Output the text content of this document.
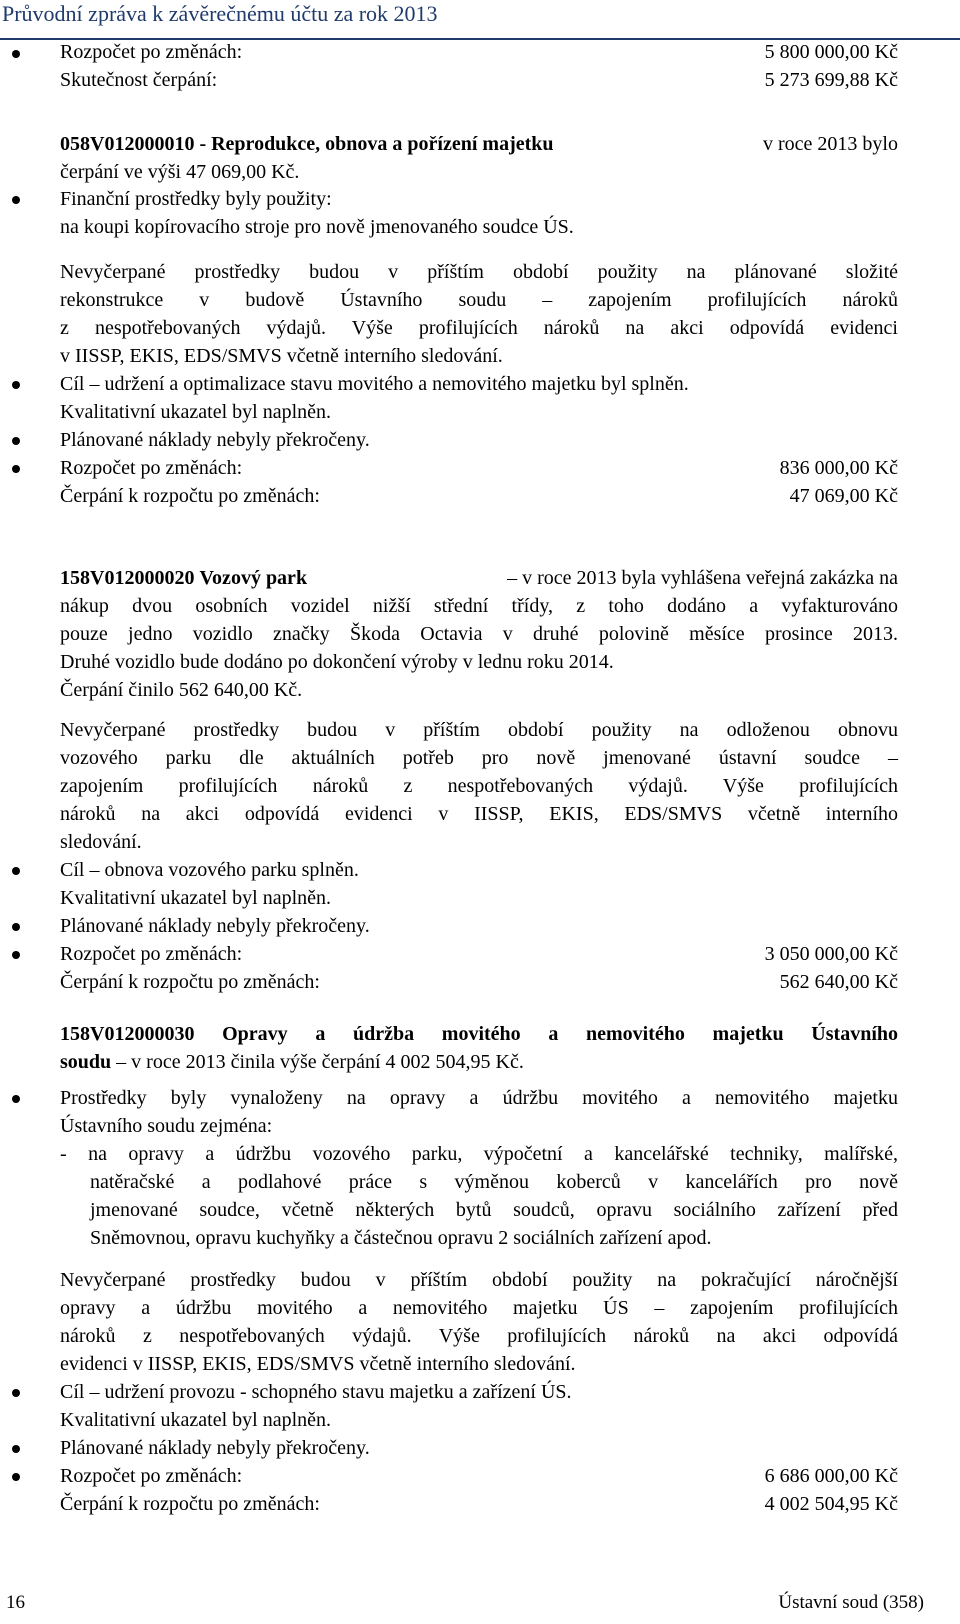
Průvodní zpráva k závěrečnému účtu za rok 2013
Rozpočet po změnách:	5 800 000,00 Kč
Skutečnost čerpání:	5 273 699,88 Kč
058V012000010 - Reprodukce, obnova a pořízení majetku	v roce 2013 bylo
čerpání ve výši 47 069,00 Kč.
Finanční prostředky byly použity:
na koupi kopírovacího stroje pro nově jmenovaného soudce ÚS.
Nevyčerpané prostředky budou v příštím období použity na plánované složité
rekonstrukce v budově Ústavního soudu – zapojením profilujících nároků
z nespotřebovaných výdajů. Výše profilujících nároků na akci odpovídá evidenci
v IISSP, EKIS, EDS/SMVS včetně interního sledování.
Cíl – udržení a optimalizace stavu movitého a nemovitého majetku byl splněn.
Kvalitativní ukazatel byl naplněn.
Plánované náklady nebyly překročeny.
Rozpočet po změnách:	836 000,00 Kč
Čerpání k rozpočtu po změnách:	47 069,00 Kč
158V012000020 Vozový park	– v roce 2013 byla vyhlášena veřejná zakázka na
nákup dvou osobních vozidel nižší střední třídy, z toho dodáno a vyfakturováno
pouze jedno vozidlo značky Škoda Octavia v druhé polovině měsíce prosince 2013.
Druhé vozidlo bude dodáno po dokončení výroby v lednu roku 2014.
Čerpání činilo 562 640,00 Kč.
Nevyčerpané prostředky budou v příštím období použity na odloženou obnovu
vozového parku dle aktuálních potřeb pro nově jmenované ústavní soudce –
zapojením profilujících nároků z nespotřebovaných výdajů. Výše profilujících
nároků na akci odpovídá evidenci v IISSP, EKIS, EDS/SMVS včetně interního
sledování.
Cíl – obnova vozového parku splněn.
Kvalitativní ukazatel byl naplněn.
Plánované náklady nebyly překročeny.
Rozpočet po změnách:	3 050 000,00 Kč
Čerpání k rozpočtu po změnách:	562 640,00 Kč
158V012000030 Opravy a údržba movitého a nemovitého majetku Ústavního
soudu – v roce 2013 činila výše čerpání 4 002 504,95 Kč.
Prostředky byly vynaloženy na opravy a údržbu movitého a nemovitého majetku
Ústavního soudu zejména:
- na opravy a údržbu vozového parku, výpočetní a kancelářské techniky, malířské,
natěračské a podlahové práce s výměnou koberců v kancelářích pro nově
jmenované soudce, včetně některých bytů soudců, opravu sociálního zařízení před
Sněmovnou, opravu kuchyňky a částečnou opravu 2 sociálních zařízení apod.
Nevyčerpané prostředky budou v příštím období použity na pokračující náročnější
opravy a údržbu movitého a nemovitého majetku ÚS – zapojením profilujících
nároků z nespotřebovaných výdajů. Výše profilujících nároků na akci odpovídá
evidenci v IISSP, EKIS, EDS/SMVS včetně interního sledování.
Cíl – udržení provozu - schopného stavu majetku a zařízení ÚS.
Kvalitativní ukazatel byl naplněn.
Plánované náklady nebyly překročeny.
Rozpočet po změnách:	6 686 000,00 Kč
Čerpání k rozpočtu po změnách:	4 002 504,95 Kč
16	Ústavní soud (358)
